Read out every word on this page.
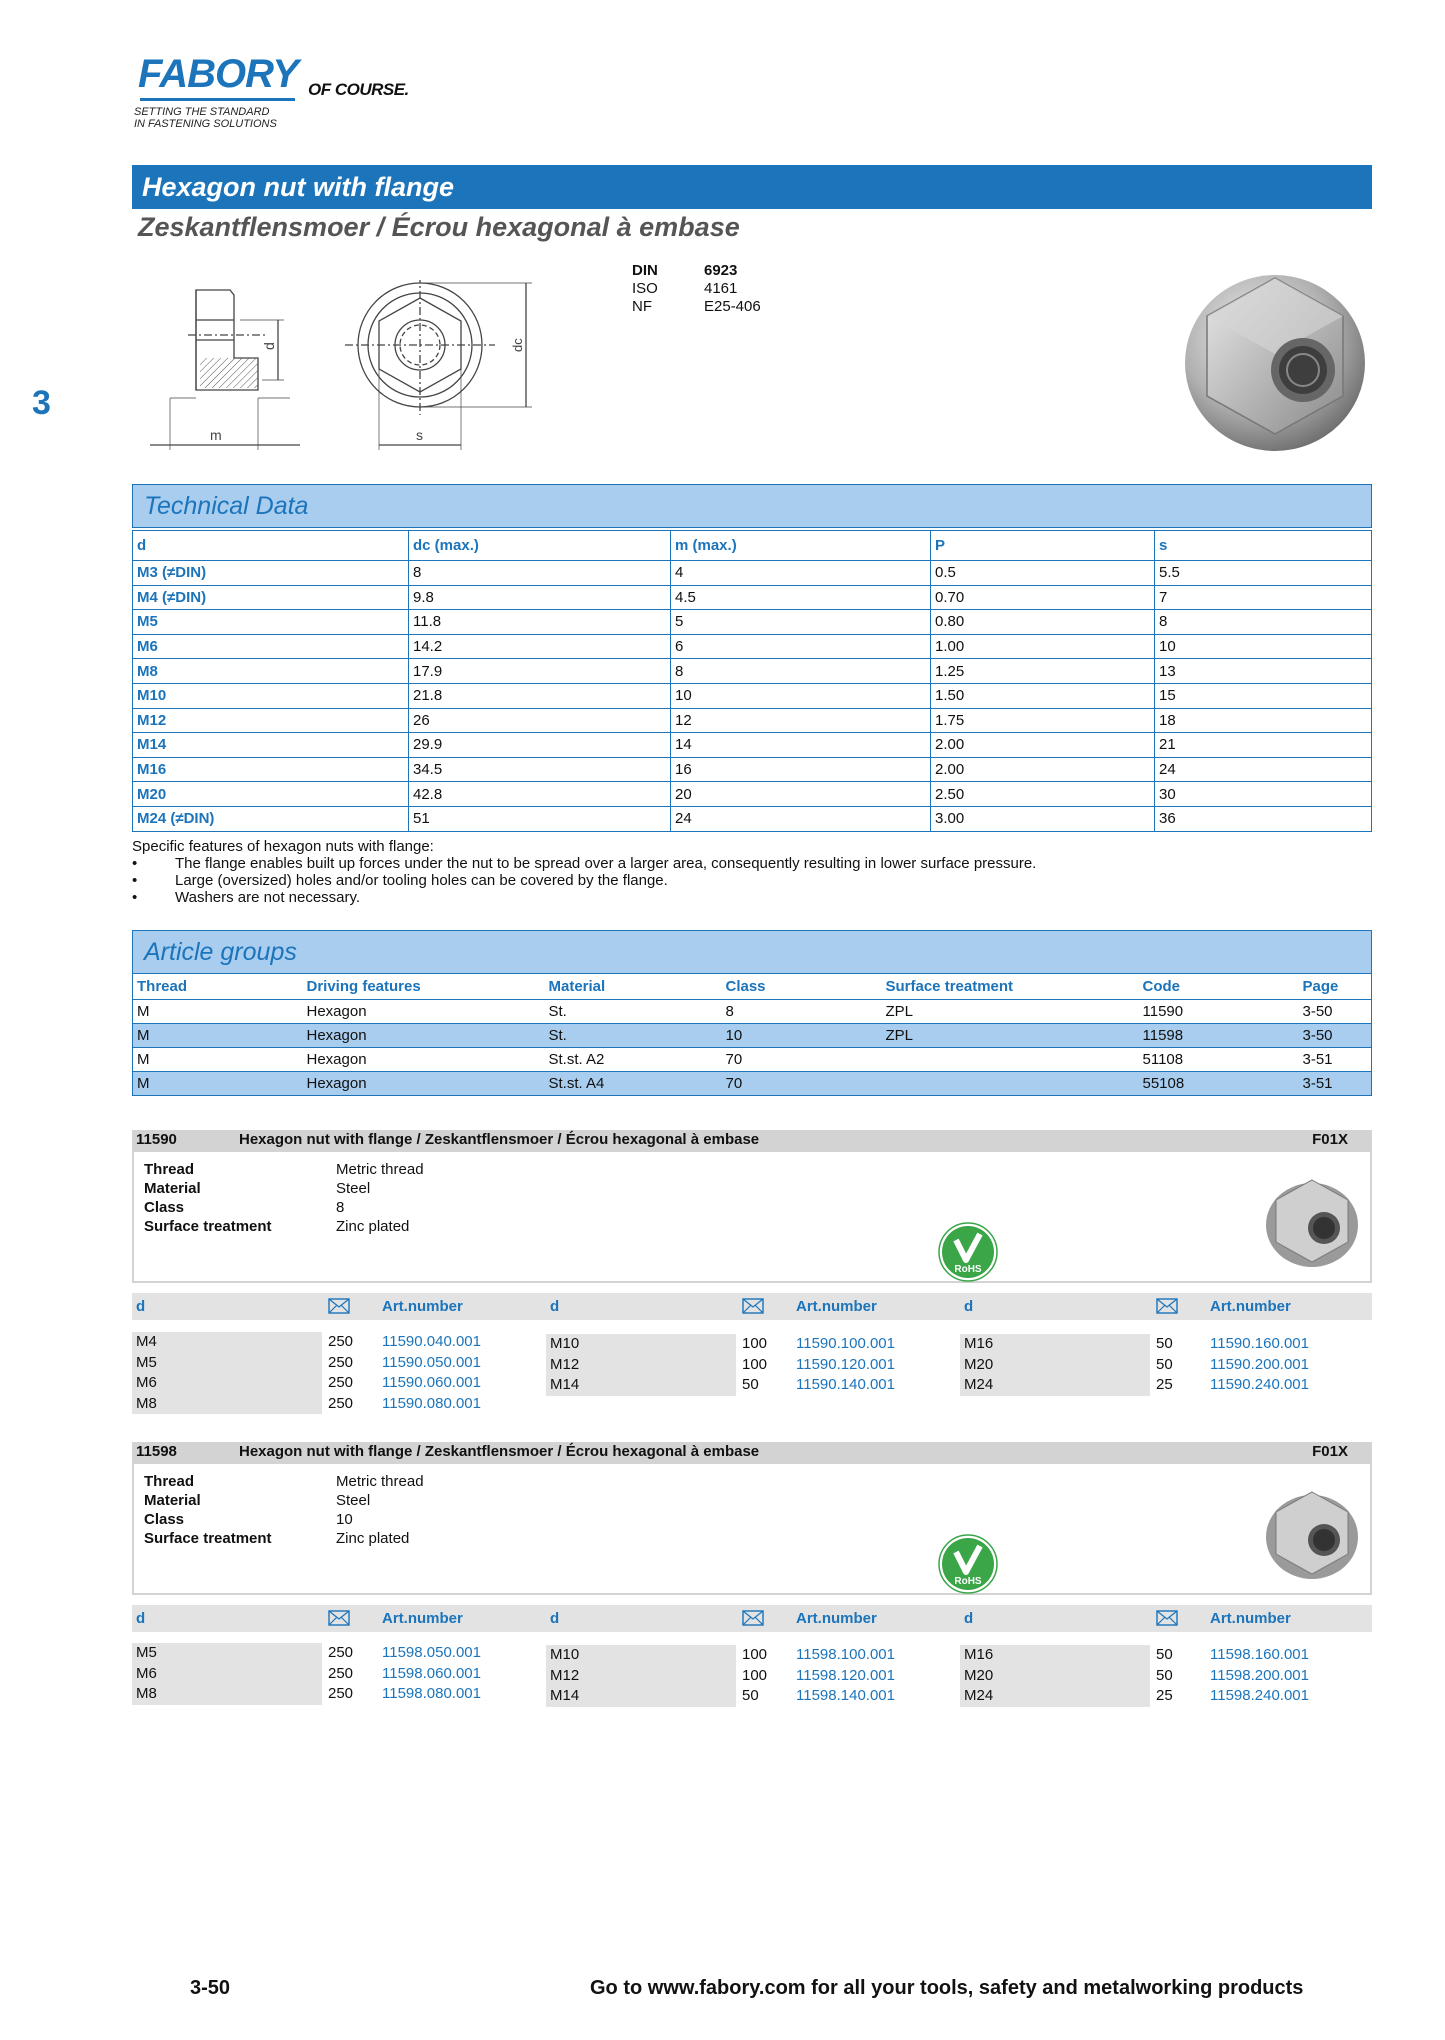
FABORY OF COURSE.
SETTING THE STANDARD
IN FASTENING SOLUTIONS
3
Hexagon nut with flange
Zeskantflensmoer / Écrou hexagonal à embase
m
d
s
dc
DIN	6923
ISO	4161
NF	E25-406
Technical Data
d	dc (max.)	m (max.)	P	s
M3 (≠DIN)	8	4	0.5	5.5
M4 (≠DIN)	9.8	4.5	0.70	7
M5	11.8	5	0.80	8
M6	14.2	6	1.00	10
M8	17.9	8	1.25	13
M10	21.8	10	1.50	15
M12	26	12	1.75	18
M14	29.9	14	2.00	21
M16	34.5	16	2.00	24
M20	42.8	20	2.50	30
M24 (≠DIN)	51	24	3.00	36
Specific features of hexagon nuts with flange:
• The flange enables built up forces under the nut to be spread over a larger area, consequently resulting in lower surface pressure.
• Large (oversized) holes and/or tooling holes can be covered by the flange.
• Washers are not necessary.
Article groups
Thread	Driving features	Material	Class	Surface treatment	Code	Page
M	Hexagon	St.	8	ZPL	11590	3-50
M	Hexagon	St.	10	ZPL	11598	3-50
M	Hexagon	St.st. A2	70		51108	3-51
M	Hexagon	St.st. A4	70		55108	3-51
11590	Hexagon nut with flange / Zeskantflensmoer / Écrou hexagonal à embase	F01X
Thread	Metric thread
Material	Steel
Class	8
Surface treatment	Zinc plated
RoHS
d	Art.number	d	Art.number	d	Art.number
M4	250 11590.040.001
M5	250 11590.050.001
M6	250 11590.060.001
M8	250 11590.080.001
M10	100 11590.100.001
M12	100 11590.120.001
M14	50 11590.140.001
M16	50 11590.160.001
M20	50 11590.200.001
M24	25 11590.240.001
11598	Hexagon nut with flange / Zeskantflensmoer / Écrou hexagonal à embase	F01X
Thread	Metric thread
Material	Steel
Class	10
Surface treatment	Zinc plated
RoHS
d	Art.number	d	Art.number	d	Art.number
M5	250 11598.050.001
M6	250 11598.060.001
M8	250 11598.080.001
M10	100 11598.100.001
M12	100 11598.120.001
M14	50 11598.140.001
M16	50 11598.160.001
M20	50 11598.200.001
M24	25 11598.240.001
3-50	Go to www.fabory.com for all your tools, safety and metalworking products
